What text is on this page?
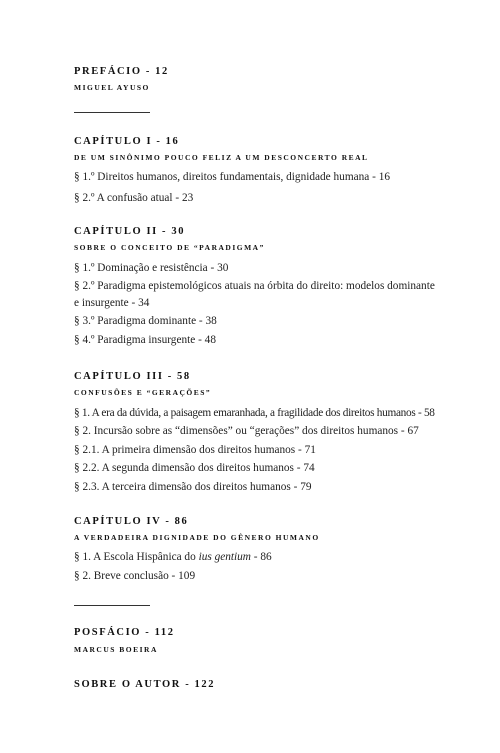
PREFÁCIO - 12
MIGUEL AYUSO
CAPÍTULO I - 16
DE UM SINÔNIMO POUCO FELIZ A UM DESCONCERTO REAL
§ 1.º Direitos humanos, direitos fundamentais, dignidade humana - 16
§ 2.º A confusão atual - 23
CAPÍTULO II - 30
SOBRE O CONCEITO DE “PARADIGMA”
§ 1.º Dominação e resistência - 30
§ 2.º Paradigma epistemológicos atuais na órbita do direito: modelos dominante
e insurgente - 34
§ 3.º Paradigma dominante - 38
§ 4.º Paradigma insurgente - 48
CAPÍTULO III - 58
CONFUSÕES E “GERAÇÕES”
§ 1. A era da dúvida, a paisagem emaranhada, a fragilidade dos direitos humanos - 58
§ 2. Incursão sobre as “dimensões” ou “gerações” dos direitos humanos - 67
§ 2.1. A primeira dimensão dos direitos humanos - 71
§ 2.2. A segunda dimensão dos direitos humanos - 74
§ 2.3. A terceira dimensão dos direitos humanos - 79
CAPÍTULO IV - 86
A VERDADEIRA DIGNIDADE DO GÊNERO HUMANO
§ 1. A Escola Hispânica do ius gentium - 86
§ 2. Breve conclusão - 109
POSFÁCIO - 112
MARCUS BOEIRA
SOBRE O AUTOR - 122
